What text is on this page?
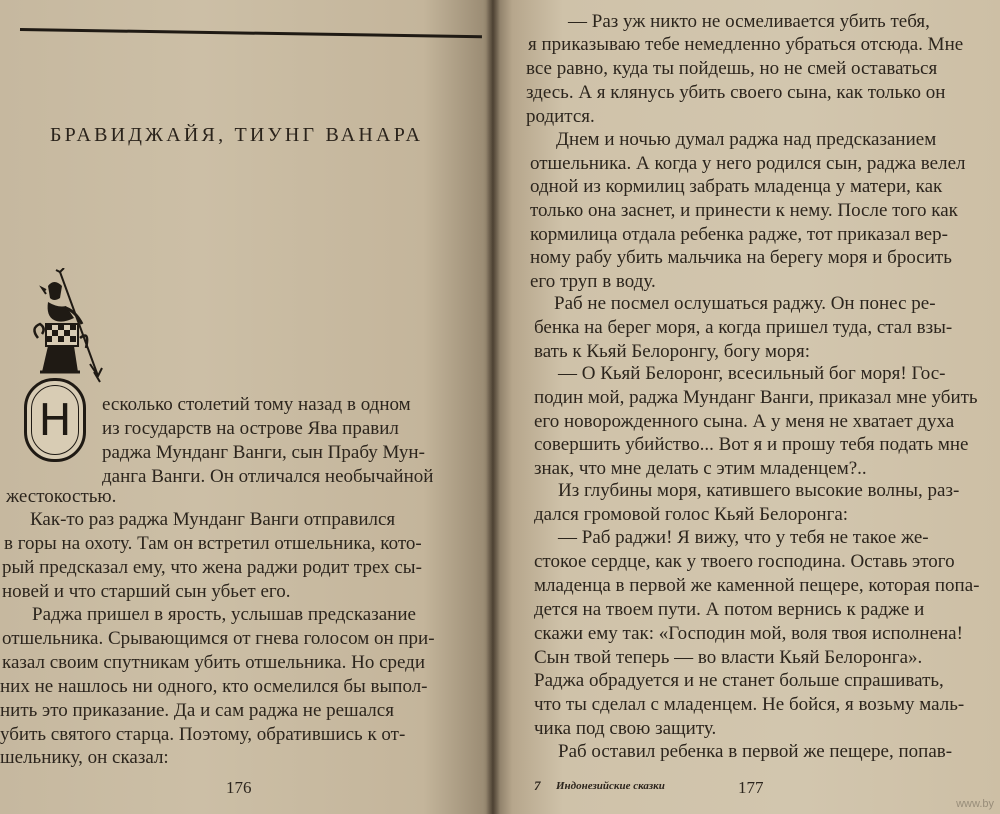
БРАВИДЖАЙЯ, ТИУНГ ВАНАРА
Н есколько столетий тому назад в одном
из государств на острове Ява правил
раджа Мунданг Ванги, сын Прабу Мун-
данга Ванги. Он отличался необычайной
жестокостью.
Как-то раз раджа Мунданг Ванги отправился
в горы на охоту. Там он встретил отшельника, кото-
рый предсказал ему, что жена раджи родит трех сы-
новей и что старший сын убьет его.
Раджа пришел в ярость, услышав предсказание
отшельника. Срывающимся от гнева голосом он при-
казал своим спутникам убить отшельника. Но среди
них не нашлось ни одного, кто осмелился бы выпол-
нить это приказание. Да и сам раджа не решался
убить святого старца. Поэтому, обратившись к от-
шельнику, он сказал:
176
— Раз уж никто не осмеливается убить тебя,
я приказываю тебе немедленно убраться отсюда. Мне
все равно, куда ты пойдешь, но не смей оставаться
здесь. А я клянусь убить своего сына, как только он
родится.
Днем и ночью думал раджа над предсказанием
отшельника. А когда у него родился сын, раджа велел
одной из кормилиц забрать младенца у матери, как
только она заснет, и принести к нему. После того как
кормилица отдала ребенка радже, тот приказал вер-
ному рабу убить мальчика на берегу моря и бросить
его труп в воду.
Раб не посмел ослушаться раджу. Он понес ре-
бенка на берег моря, а когда пришел туда, стал взы-
вать к Кьяй Белоронгу, богу моря:
— О Кьяй Белоронг, всесильный бог моря! Гос-
подин мой, раджа Мунданг Ванги, приказал мне убить
его новорожденного сына. А у меня не хватает духа
совершить убийство... Вот я и прошу тебя подать мне
знак, что мне делать с этим младенцем?..
Из глубины моря, катившего высокие волны, раз-
дался громовой голос Кьяй Белоронга:
— Раб раджи! Я вижу, что у тебя не такое же-
стокое сердце, как у твоего господина. Оставь этого
младенца в первой же каменной пещере, которая попа-
дется на твоем пути. А потом вернись к радже и
скажи ему так: «Господин мой, воля твоя исполнена!
Сын твой теперь — во власти Кьяй Белоронга».
Раджа обрадуется и не станет больше спрашивать,
что ты сделал с младенцем. Не бойся, я возьму маль-
чика под свою защиту.
Раб оставил ребенка в первой же пещере, попав-
7 Индонезийские сказки	177
www.by
